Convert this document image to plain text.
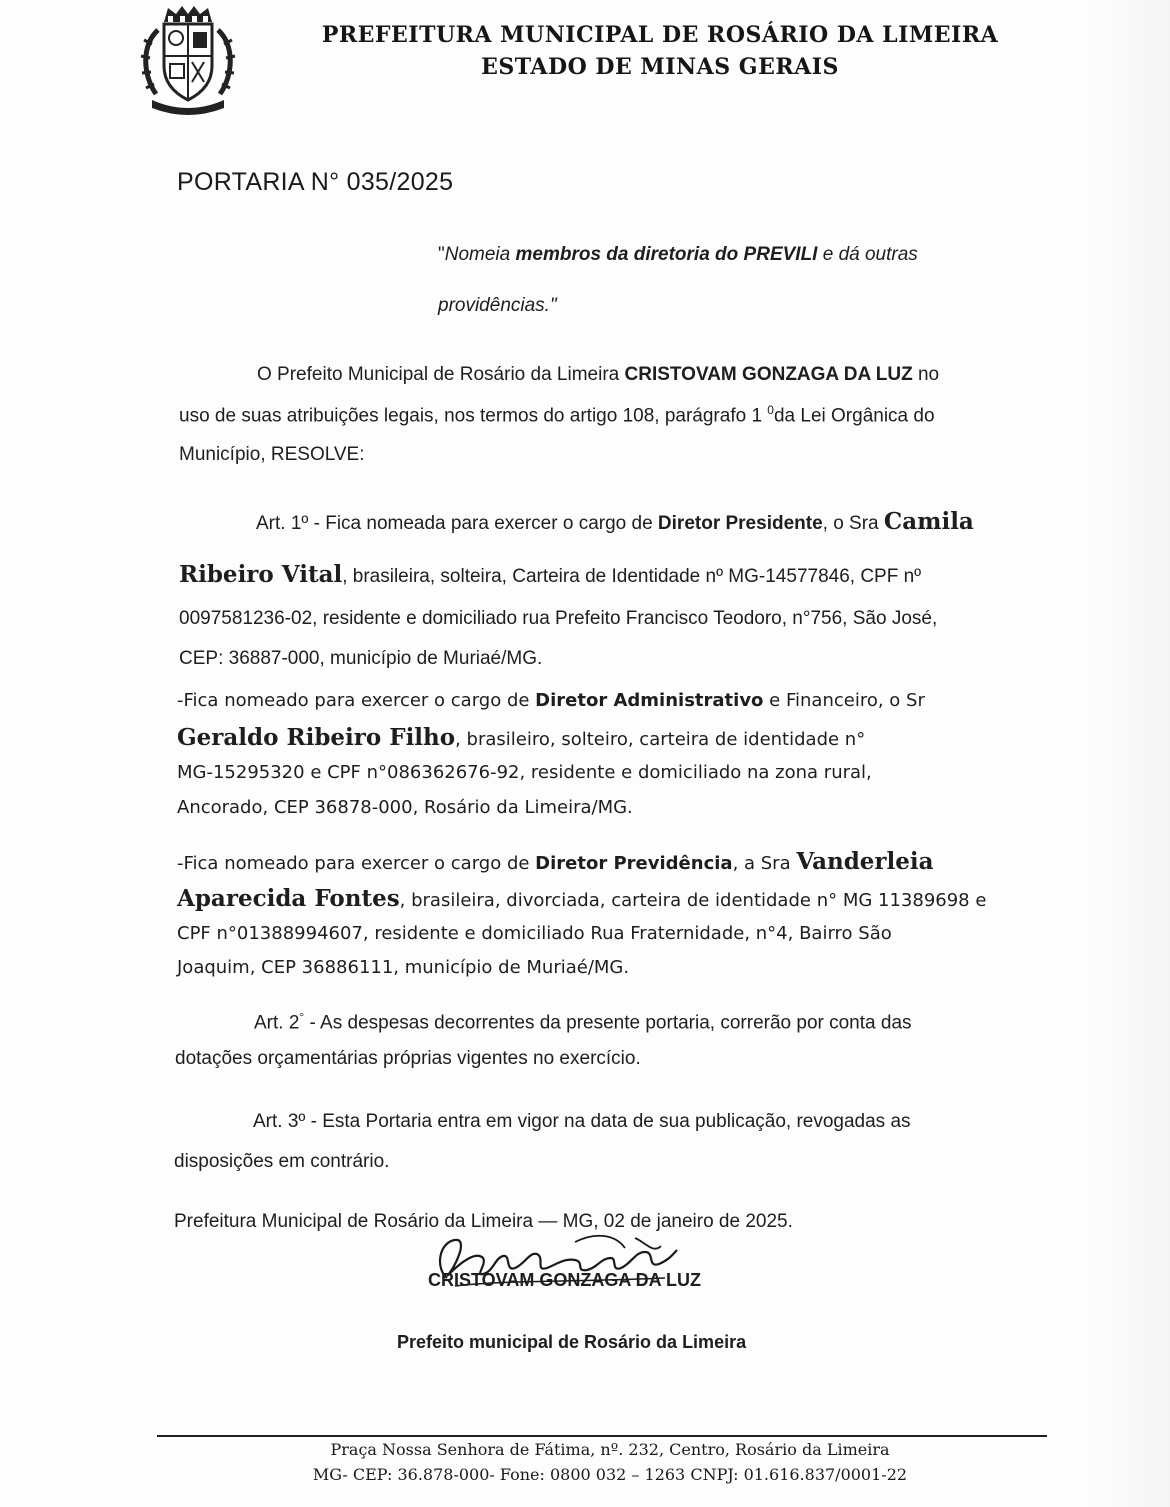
PREFEITURA MUNICIPAL DE ROSÁRIO DA LIMEIRA
ESTADO DE MINAS GERAIS
PORTARIA N° 035/2025
"Nomeia membros da diretoria do PREVILI e dá outras
providências."
O Prefeito Municipal de Rosário da Limeira CRISTOVAM GONZAGA DA LUZ no
uso de suas atribuições legais, nos termos do artigo 108, parágrafo 1 $^0$da Lei Orgânica do
Município, RESOLVE:
Art. 1º - Fica nomeada para exercer o cargo de Diretor Presidente, o Sra Camila
Ribeiro Vital, brasileira, solteira, Carteira de Identidade nº MG-14577846, CPF nº
0097581236-02, residente e domiciliado rua Prefeito Francisco Teodoro, n°756, São José,
CEP: 36887-000, município de Muriaé/MG.
-Fica nomeado para exercer o cargo de Diretor Administrativo e Financeiro, o Sr
Geraldo Ribeiro Filho, brasileiro, solteiro, carteira de identidade n°
MG-15295320 e CPF n°086362676-92, residente e domiciliado na zona rural,
Ancorado, CEP 36878-000, Rosário da Limeira/MG.
-Fica nomeado para exercer o cargo de Diretor Previdência, a Sra Vanderleia
Aparecida Fontes, brasileira, divorciada, carteira de identidade n° MG 11389698 e
CPF n°01388994607, residente e domiciliado Rua Fraternidade, n°4, Bairro São
Joaquim, CEP 36886111, município de Muriaé/MG.
Art. 2° - As despesas decorrentes da presente portaria, correrão por conta das
dotações orçamentárias próprias vigentes no exercício.
Art. 3º - Esta Portaria entra em vigor na data de sua publicação, revogadas as
disposições em contrário.
Prefeitura Municipal de Rosário da Limeira — MG, 02 de janeiro de 2025.
CRISTOVAM GONZAGA DA LUZ
Prefeito municipal de Rosário da Limeira
Praça Nossa Senhora de Fátima, nº. 232, Centro, Rosário da Limeira
MG- CEP: 36.878-000- Fone: 0800 032 – 1263 CNPJ: 01.616.837/0001-22
